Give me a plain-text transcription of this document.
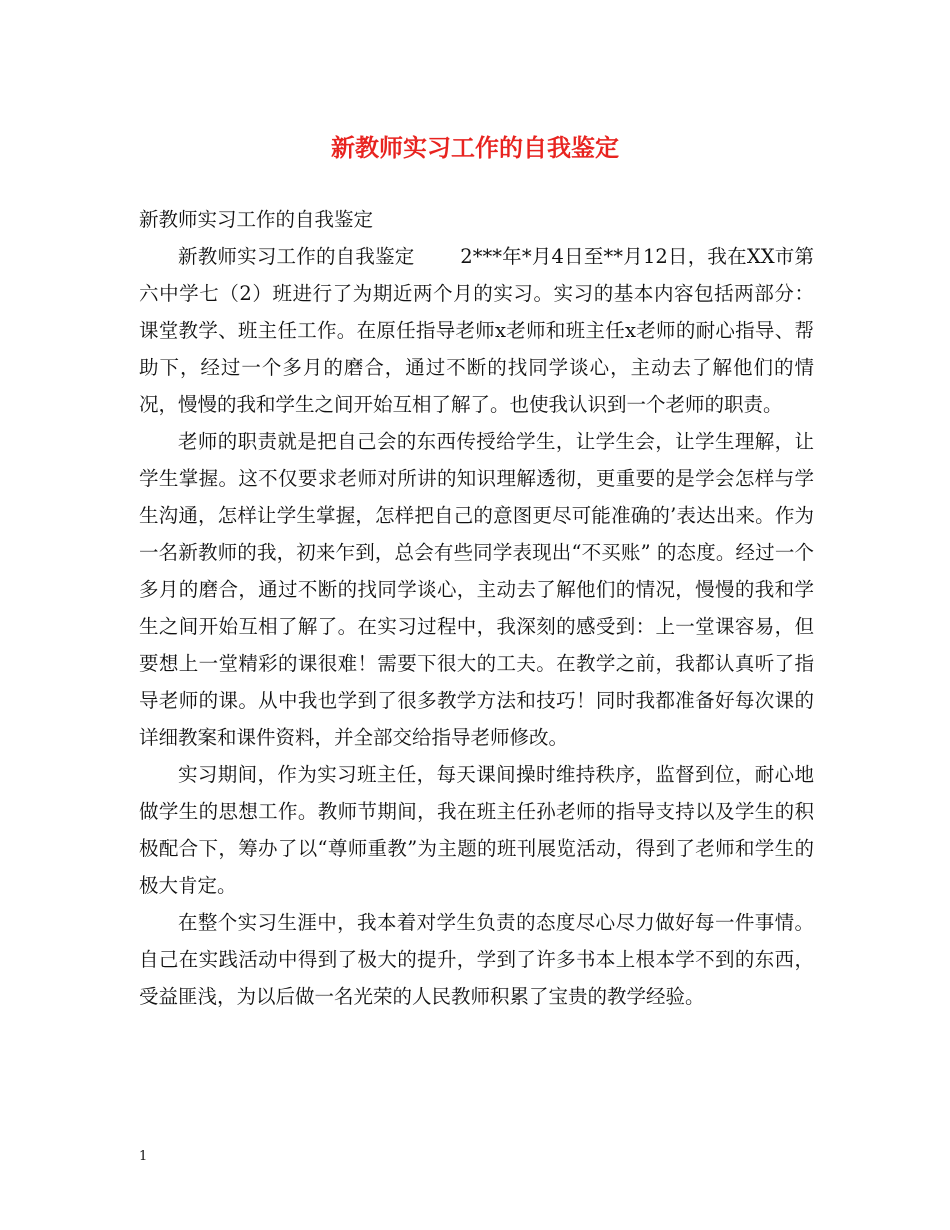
新教师实习工作的自我鉴定

新教师实习工作的自我鉴定

新教师实习工作的自我鉴定　　 2***年*月4日至**月12日，我在XX市第六中学七（2）班进行了为期近两个月的实习。实习的基本内容包括两部分：课堂教学、班主任工作。在原任指导老师x老师和班主任x老师的耐心指导、帮助下，经过一个多月的磨合，通过不断的找同学谈心，主动去了解他们的情况，慢慢的我和学生之间开始互相了解了。也使我认识到一个老师的职责。

老师的职责就是把自己会的东西传授给学生，让学生会，让学生理解，让学生掌握。这不仅要求老师对所讲的知识理解透彻，更重要的是学会怎样与学生沟通，怎样让学生掌握，怎样把自己的意图更尽可能准确的’表达出来。作为一名新教师的我，初来乍到，总会有些同学表现出“不买账” 的态度。经过一个多月的磨合，通过不断的找同学谈心，主动去了解他们的情况，慢慢的我和学生之间开始互相了解了。在实习过程中，我深刻的感受到：上一堂课容易，但要想上一堂精彩的课很难！需要下很大的工夫。在教学之前，我都认真听了指导老师的课。从中我也学到了很多教学方法和技巧！同时我都准备好每次课的详细教案和课件资料，并全部交给指导老师修改。

实习期间，作为实习班主任，每天课间操时维持秩序，监督到位，耐心地做学生的思想工作。教师节期间，我在班主任孙老师的指导支持以及学生的积极配合下，筹办了以“尊师重教”为主题的班刊展览活动，得到了老师和学生的极大肯定。

在整个实习生涯中，我本着对学生负责的态度尽心尽力做好每一件事情。自己在实践活动中得到了极大的提升，学到了许多书本上根本学不到的东西，受益匪浅，为以后做一名光荣的人民教师积累了宝贵的教学经验。

1
